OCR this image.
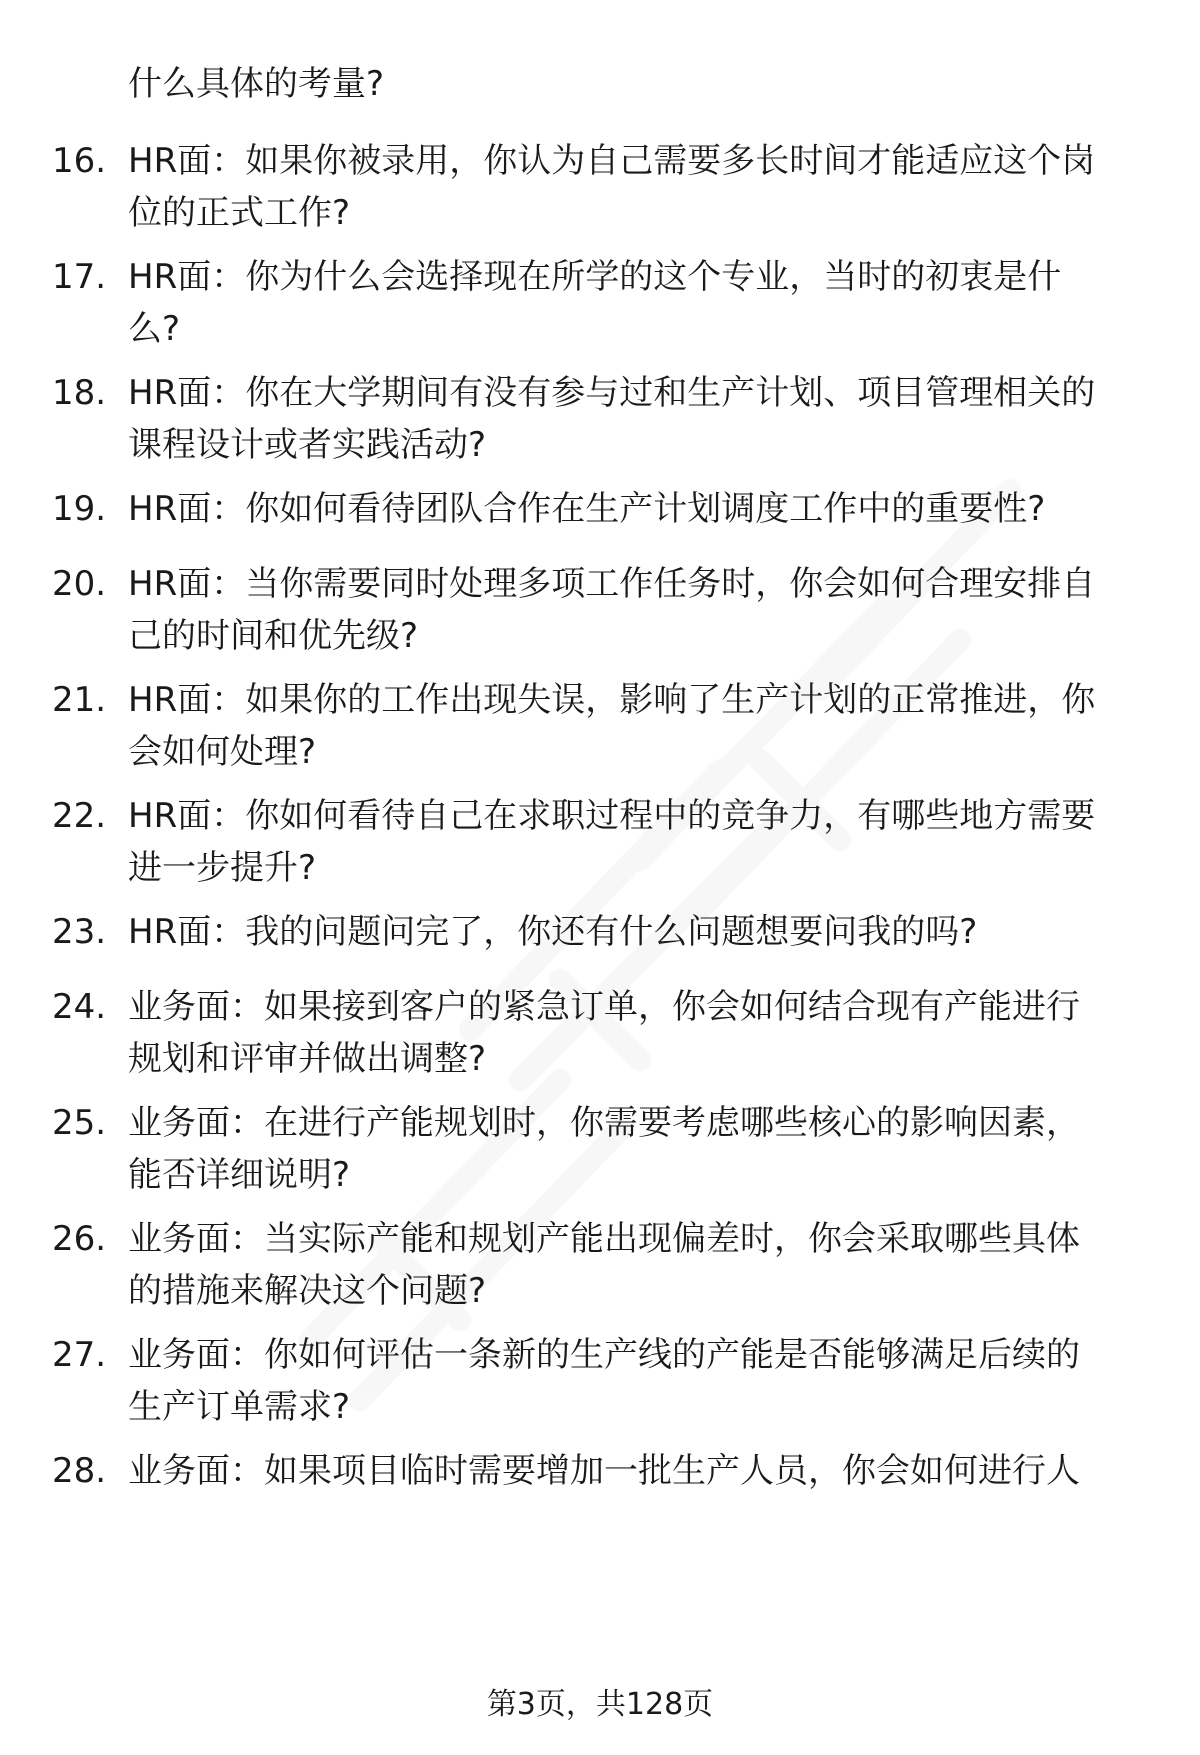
什么具体的考量?
16. HR面：如果你被录用，你认为自己需要多长时间才能适应这个岗
位的正式工作?
17. HR面：你为什么会选择现在所学的这个专业，当时的初衷是什
么?
18. HR面：你在大学期间有没有参与过和生产计划、项目管理相关的
课程设计或者实践活动?
19. HR面：你如何看待团队合作在生产计划调度工作中的重要性?
20. HR面：当你需要同时处理多项工作任务时，你会如何合理安排自
己的时间和优先级?
21. HR面：如果你的工作出现失误，影响了生产计划的正常推进，你
会如何处理?
22. HR面：你如何看待自己在求职过程中的竞争力，有哪些地方需要
进一步提升?
23. HR面：我的问题问完了，你还有什么问题想要问我的吗?
24. 业务面：如果接到客户的紧急订单，你会如何结合现有产能进行
规划和评审并做出调整?
25. 业务面：在进行产能规划时，你需要考虑哪些核心的影响因素，
能否详细说明?
26. 业务面：当实际产能和规划产能出现偏差时，你会采取哪些具体
的措施来解决这个问题?
27. 业务面：你如何评估一条新的生产线的产能是否能够满足后续的
生产订单需求?
28. 业务面：如果项目临时需要增加一批生产人员，你会如何进行人
第3页，共128页
